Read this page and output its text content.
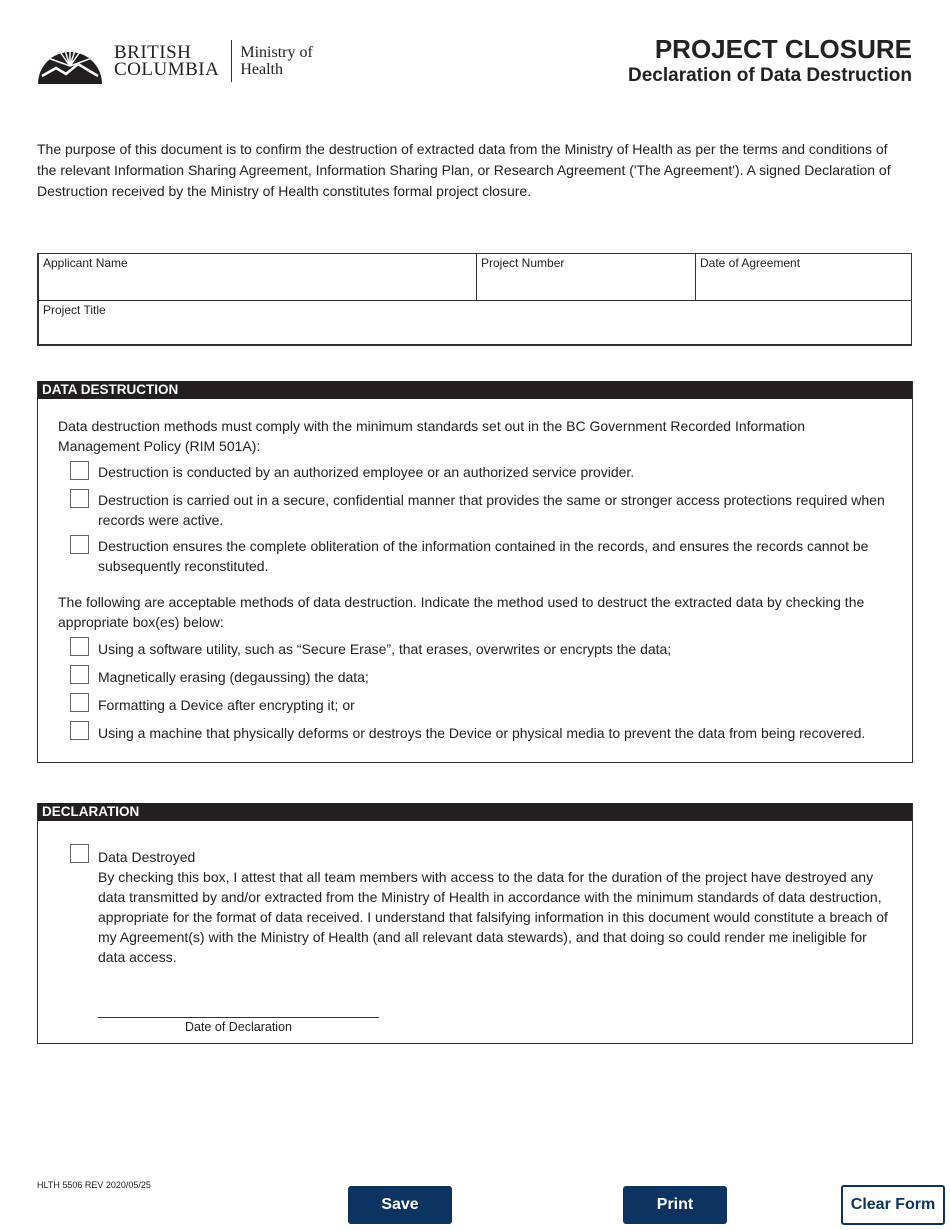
BRITISH
COLUMBIA
Ministry of
Health
PROJECT CLOSURE
Declaration of Data Destruction
The purpose of this document is to confirm the destruction of extracted data from the Ministry of Health as per the terms and conditions of the relevant Information Sharing Agreement, Information Sharing Plan, or Research Agreement ('The Agreement'). A signed Declaration of Destruction received by the Ministry of Health constitutes formal project closure.
Applicant Name	Project Number	Date of Agreement
Project Title
DATA DESTRUCTION
Data destruction methods must comply with the minimum standards set out in the BC Government Recorded Information Management Policy (RIM 501A):
Destruction is conducted by an authorized employee or an authorized service provider.
Destruction is carried out in a secure, confidential manner that provides the same or stronger access protections required when records were active.
Destruction ensures the complete obliteration of the information contained in the records, and ensures the records cannot be subsequently reconstituted.
The following are acceptable methods of data destruction. Indicate the method used to destruct the extracted data by checking the appropriate box(es) below:
Using a software utility, such as “Secure Erase”, that erases, overwrites or encrypts the data;
Magnetically erasing (degaussing) the data;
Formatting a Device after encrypting it; or
Using a machine that physically deforms or destroys the Device or physical media to prevent the data from being recovered.
DECLARATION
Data Destroyed
By checking this box, I attest that all team members with access to the data for the duration of the project have destroyed any data transmitted by and/or extracted from the Ministry of Health in accordance with the minimum standards of data destruction, appropriate for the format of data received. I understand that falsifying information in this document would constitute a breach of my Agreement(s) with the Ministry of Health (and all relevant data stewards), and that doing so could render me ineligible for data access.
Date of Declaration
HLTH 5506 REV 2020/05/25
Save	Print	Clear Form
